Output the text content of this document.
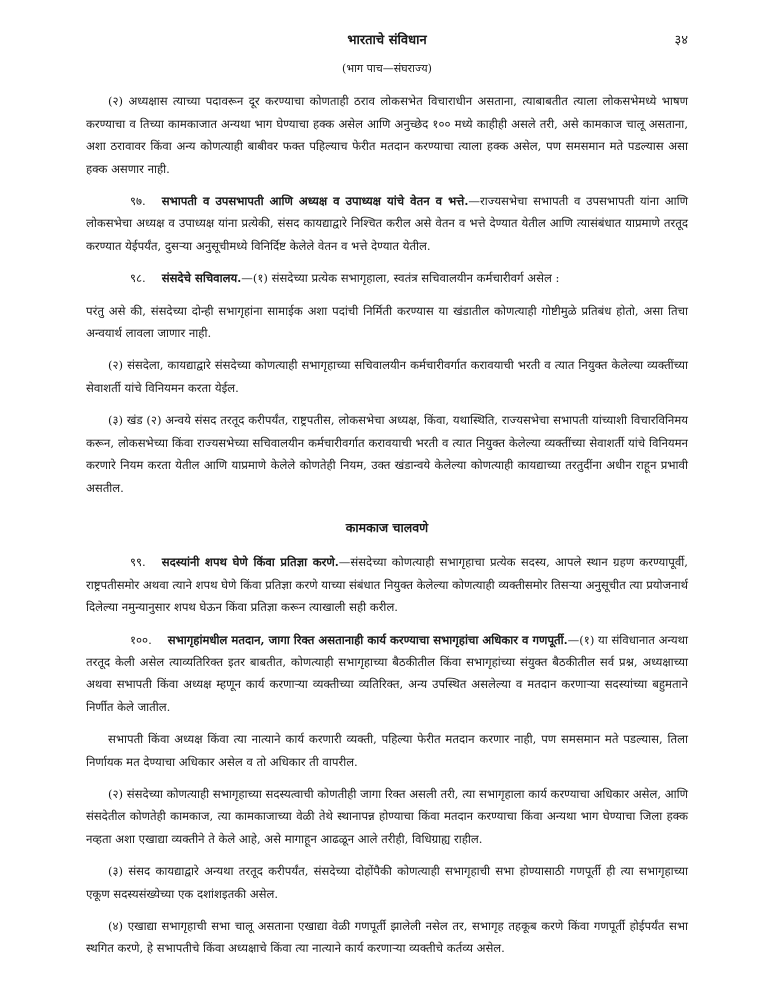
भारताचे संविधान	३४
(भाग पाच—संघराज्य)

(२) अध्यक्षास त्याच्या पदावरून दूर करण्याचा कोणताही ठराव लोकसभेत विचाराधीन असताना, त्याबाबतीत त्याला लोकसभेमध्ये भाषण करण्याचा व तिच्या कामकाजात अन्यथा भाग घेण्याचा हक्क असेल आणि अनुच्छेद १०० मध्ये काहीही असले तरी, असे कामकाज चालू असताना, अशा ठरावावर किंवा अन्य कोणत्याही बाबीवर फक्त पहिल्याच फेरीत मतदान करण्याचा त्याला हक्क असेल, पण समसमान मते पडल्यास असा हक्क असणार नाही.

९७. सभापती व उपसभापती आणि अध्यक्ष व उपाध्यक्ष यांचे वेतन व भत्ते.—राज्यसभेचा सभापती व उपसभापती यांना आणि लोकसभेचा अध्यक्ष व उपाध्यक्ष यांना प्रत्येकी, संसद कायद्याद्वारे निश्चित करील असे वेतन व भत्ते देण्यात येतील आणि त्यासंबंधात याप्रमाणे तरतूद करण्यात येईपर्यंत, दुसऱ्या अनुसूचीमध्ये विनिर्दिष्ट केलेले वेतन व भत्ते देण्यात येतील.

९८. संसदेचे सचिवालय.—(१) संसदेच्या प्रत्येक सभागृहाला, स्वतंत्र सचिवालयीन कर्मचारीवर्ग असेल :

परंतु असे की, संसदेच्या दोन्ही सभागृहांना सामाईक अशा पदांची निर्मिती करण्यास या खंडातील कोणत्याही गोष्टीमुळे प्रतिबंध होतो, असा तिचा अन्वयार्थ लावला जाणार नाही.

(२) संसदेला, कायद्याद्वारे संसदेच्या कोणत्याही सभागृहाच्या सचिवालयीन कर्मचारीवर्गात करावयाची भरती व त्यात नियुक्त केलेल्या व्यक्तींच्या सेवाशर्ती यांचे विनियमन करता येईल.

(३) खंड (२) अन्वये संसद तरतूद करीपर्यंत, राष्ट्रपतीस, लोकसभेचा अध्यक्ष, किंवा, यथास्थिति, राज्यसभेचा सभापती यांच्याशी विचारविनिमय करून, लोकसभेच्या किंवा राज्यसभेच्या सचिवालयीन कर्मचारीवर्गात करावयाची भरती व त्यात नियुक्त केलेल्या व्यक्तींच्या सेवाशर्ती यांचे विनियमन करणारे नियम करता येतील आणि याप्रमाणे केलेले कोणतेही नियम, उक्त खंडान्वये केलेल्या कोणत्याही कायद्याच्या तरतुदींना अधीन राहून प्रभावी असतील.

कामकाज चालवणे

९९. सदस्यांनी शपथ घेणे किंवा प्रतिज्ञा करणे.—संसदेच्या कोणत्याही सभागृहाचा प्रत्येक सदस्य, आपले स्थान ग्रहण करण्यापूर्वी, राष्ट्रपतीसमोर अथवा त्याने शपथ घेणे किंवा प्रतिज्ञा करणे याच्या संबंधात नियुक्त केलेल्या कोणत्याही व्यक्तीसमोर तिसऱ्या अनुसूचीत त्या प्रयोजनार्थ दिलेल्या नमुन्यानुसार शपथ घेऊन किंवा प्रतिज्ञा करून त्याखाली सही करील.

१००. सभागृहांमधील मतदान, जागा रिक्त असतानाही कार्य करण्याचा सभागृहांचा अधिकार व गणपूर्ती.—(१) या संविधानात अन्यथा तरतूद केली असेल त्याव्यतिरिक्त इतर बाबतीत, कोणत्याही सभागृहाच्या बैठकीतील किंवा सभागृहांच्या संयुक्त बैठकीतील सर्व प्रश्न, अध्यक्षाच्या अथवा सभापती किंवा अध्यक्ष म्हणून कार्य करणाऱ्या व्यक्तीच्या व्यतिरिक्त, अन्य उपस्थित असलेल्या व मतदान करणाऱ्या सदस्यांच्या बहुमताने निर्णीत केले जातील.

सभापती किंवा अध्यक्ष किंवा त्या नात्याने कार्य करणारी व्यक्ती, पहिल्या फेरीत मतदान करणार नाही, पण समसमान मते पडल्यास, तिला निर्णायक मत देण्याचा अधिकार असेल व तो अधिकार ती वापरील.

(२) संसदेच्या कोणत्याही सभागृहाच्या सदस्यत्वाची कोणतीही जागा रिक्त असली तरी, त्या सभागृहाला कार्य करण्याचा अधिकार असेल, आणि संसदेतील कोणतेही कामकाज, त्या कामकाजाच्या वेळी तेथे स्थानापन्न होण्याचा किंवा मतदान करण्याचा किंवा अन्यथा भाग घेण्याचा जिला हक्क नव्हता अशा एखाद्या व्यक्तीने ते केले आहे, असे मागाहून आढळून आले तरीही, विधिग्राह्य राहील.

(३) संसद कायद्याद्वारे अन्यथा तरतूद करीपर्यंत, संसदेच्या दोहोंपैकी कोणत्याही सभागृहाची सभा होण्यासाठी गणपूर्ती ही त्या सभागृहाच्या एकूण सदस्यसंख्येच्या एक दशांशइतकी असेल.

(४) एखाद्या सभागृहाची सभा चालू असताना एखाद्या वेळी गणपूर्ती झालेली नसेल तर, सभागृह तहकूब करणे किंवा गणपूर्ती होईपर्यंत सभा स्थगित करणे, हे सभापतीचे किंवा अध्यक्षाचे किंवा त्या नात्याने कार्य करणाऱ्या व्यक्तीचे कर्तव्य असेल.
